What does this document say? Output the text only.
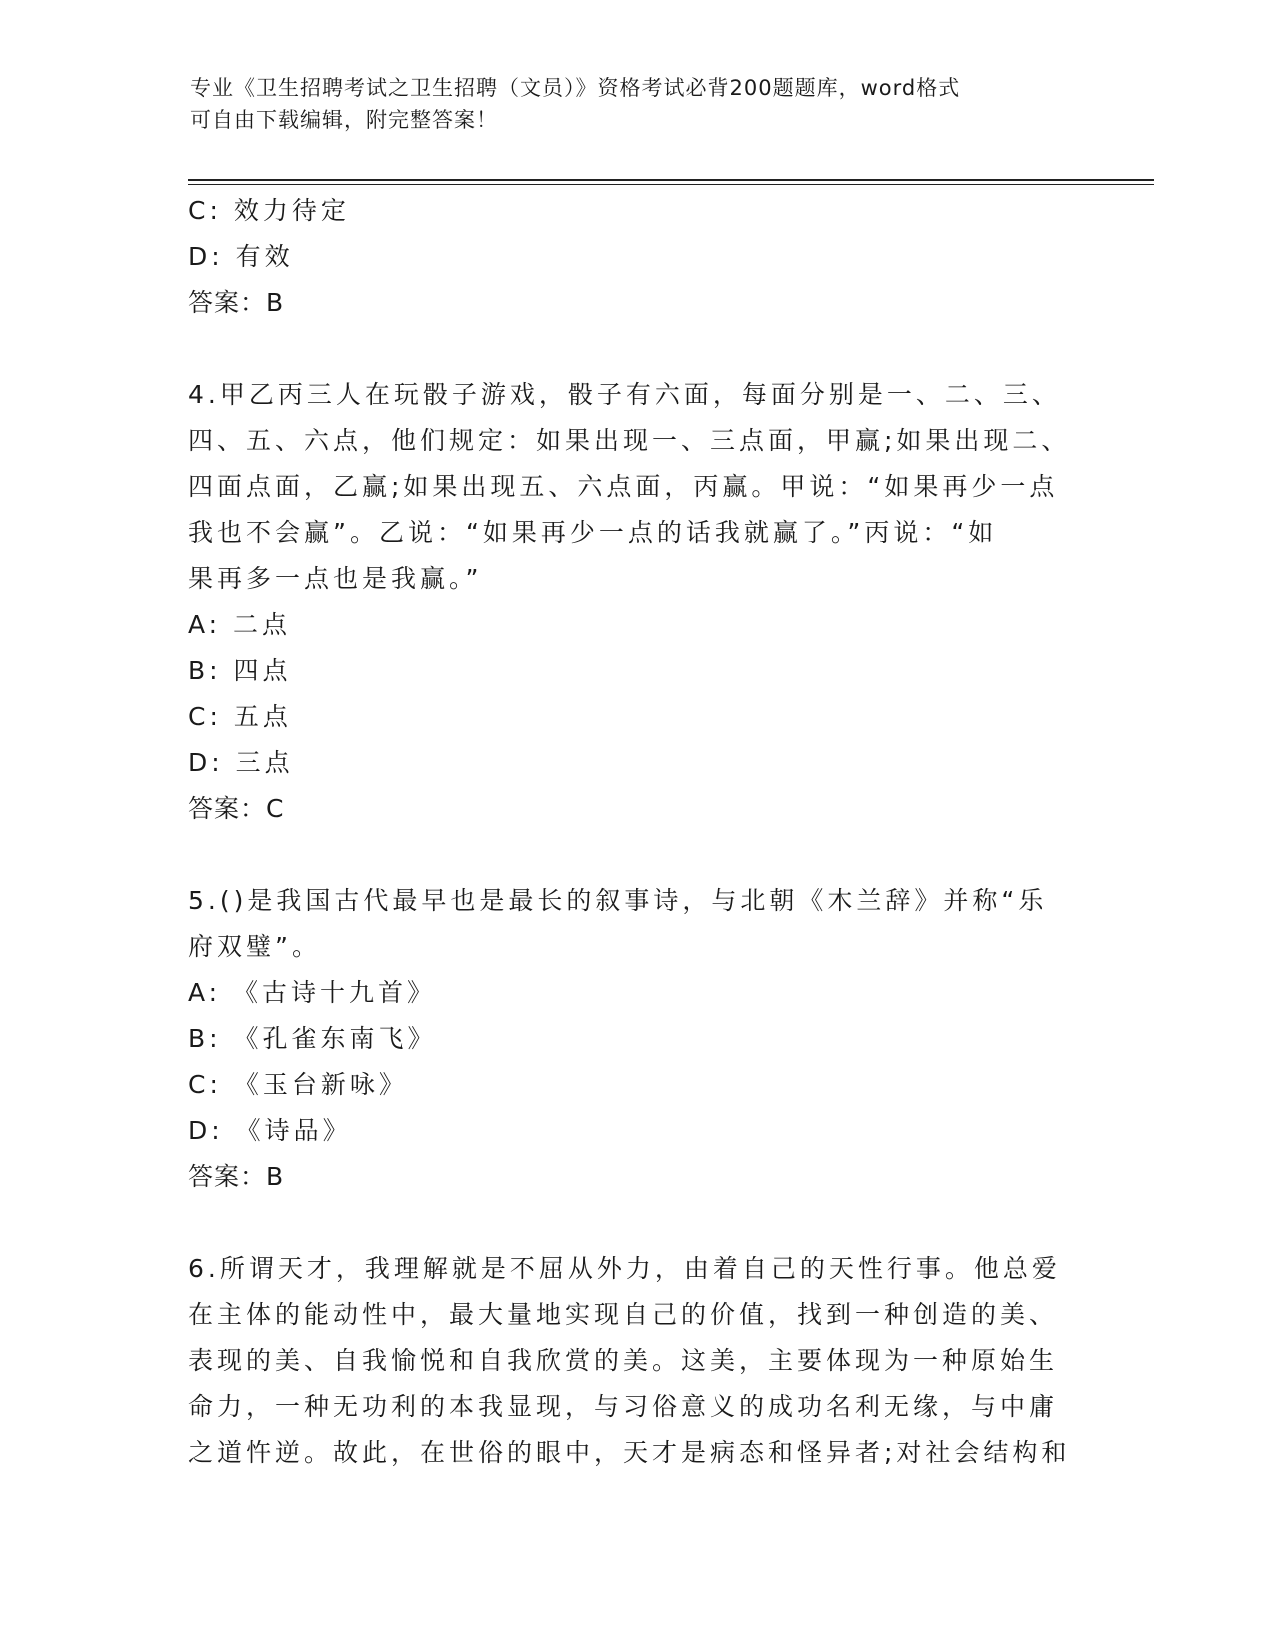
专业《卫生招聘考试之卫生招聘（文员）》资格考试必背200题题库，word格式
可自由下载编辑，附完整答案！
C: 效力待定
D: 有效
答案：B
4.甲乙丙三人在玩骰子游戏，骰子有六面，每面分别是一、二、三、
四、五、六点，他们规定：如果出现一、三点面，甲赢;如果出现二、
四面点面，乙赢;如果出现五、六点面，丙赢。甲说：“如果再少一点
我也不会赢”。乙说：“如果再少一点的话我就赢了。”丙说：“如
果再多一点也是我赢。”
A: 二点
B: 四点
C: 五点
D: 三点
答案：C
5.()是我国古代最早也是最长的叙事诗，与北朝《木兰辞》并称“乐
府双璧”。
A: 《古诗十九首》
B: 《孔雀东南飞》
C: 《玉台新咏》
D: 《诗品》
答案：B
6.所谓天才，我理解就是不屈从外力，由着自己的天性行事。他总爱
在主体的能动性中，最大量地实现自己的价值，找到一种创造的美、
表现的美、自我愉悦和自我欣赏的美。这美，主要体现为一种原始生
命力，一种无功利的本我显现，与习俗意义的成功名利无缘，与中庸
之道忤逆。故此，在世俗的眼中，天才是病态和怪异者;对社会结构和
